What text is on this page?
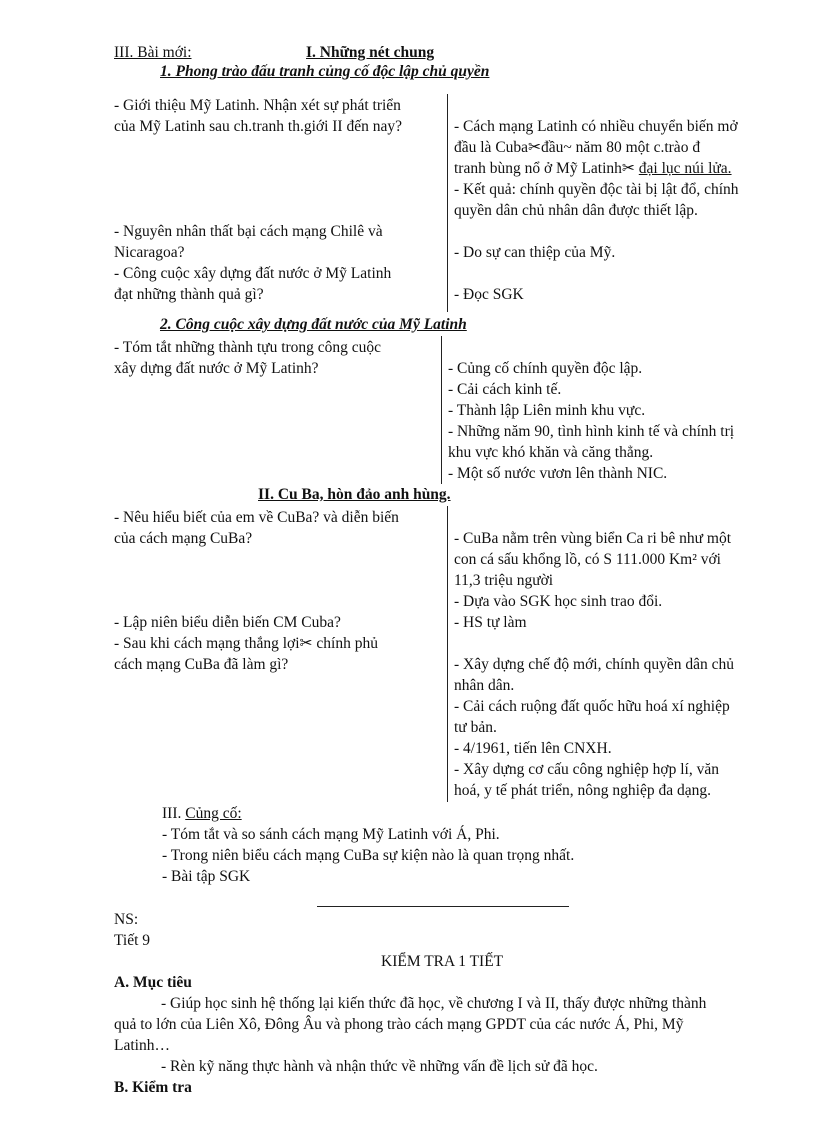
III. Bài mới:	I. Những nét chung
1. Phong trào đấu tranh củng cố độc lập chủ quyền
- Giới thiệu Mỹ Latinh. Nhận xét sự phát triển
của Mỹ Latinh sau ch.tranh th.giới II đến nay?
- Nguyên nhân thất bại cách mạng Chilê và
Nicaragoa?
- Công cuộc xây dựng đất nước ở Mỹ Latinh
đạt những thành quả gì?
- Cách mạng Latinh có nhiều chuyển biến mở
đầu là Cuba✂đầu~ năm 80 một c.trào đ
tranh bùng nổ ở Mỹ Latinh✂ đại lục núi lửa.
- Kết quả: chính quyền độc tài bị lật đổ, chính
quyền dân chủ nhân dân được thiết lập.
- Do sự can thiệp của Mỹ.
- Đọc SGK
2. Công cuộc xây dựng đất nước của Mỹ Latinh
- Tóm tắt những thành tựu trong công cuộc
xây dựng đất nước ở Mỹ Latinh?	- Củng cố chính quyền độc lập.
- Cải cách kinh tế.
- Thành lập Liên minh khu vực.
- Những năm 90, tình hình kinh tế và chính trị
khu vực khó khăn và căng thẳng.
- Một số nước vươn lên thành NIC.
II. Cu Ba, hòn đảo anh hùng.
- Nêu hiểu biết của em về CuBa? và diễn biến
của cách mạng CuBa?
- Lập niên biểu diễn biến CM Cuba?
- Sau khi cách mạng thắng lợi✂ chính phủ
cách mạng CuBa đã làm gì?
- CuBa nằm trên vùng biển Ca ri bê như một
con cá sấu khổng lồ, có S 111.000 Km² với
11,3 triệu người
- Dựa vào SGK học sinh trao đổi.
- HS tự làm
- Xây dựng chế độ mới, chính quyền dân chủ
nhân dân.
- Cải cách ruộng đất quốc hữu hoá xí nghiệp
tư bản.
- 4/1961, tiến lên CNXH.
- Xây dựng cơ cấu công nghiệp hợp lí, văn
hoá, y tế phát triển, nông nghiệp đa dạng.
III. Củng cố:
- Tóm tắt và so sánh cách mạng Mỹ Latinh với Á, Phi.
- Trong niên biểu cách mạng CuBa sự kiện nào là quan trọng nhất.
- Bài tập SGK
NS:
Tiết 9
KIỂM TRA 1 TIẾT
A. Mục tiêu
- Giúp học sinh hệ thống lại kiến thức đã học, về chương I và II, thấy được những thành
quả to lớn của Liên Xô, Đông Âu và phong trào cách mạng GPDT của các nước Á, Phi, Mỹ
Latinh…
- Rèn kỹ năng thực hành và nhận thức về những vấn đề lịch sử đã học.
B. Kiểm tra
